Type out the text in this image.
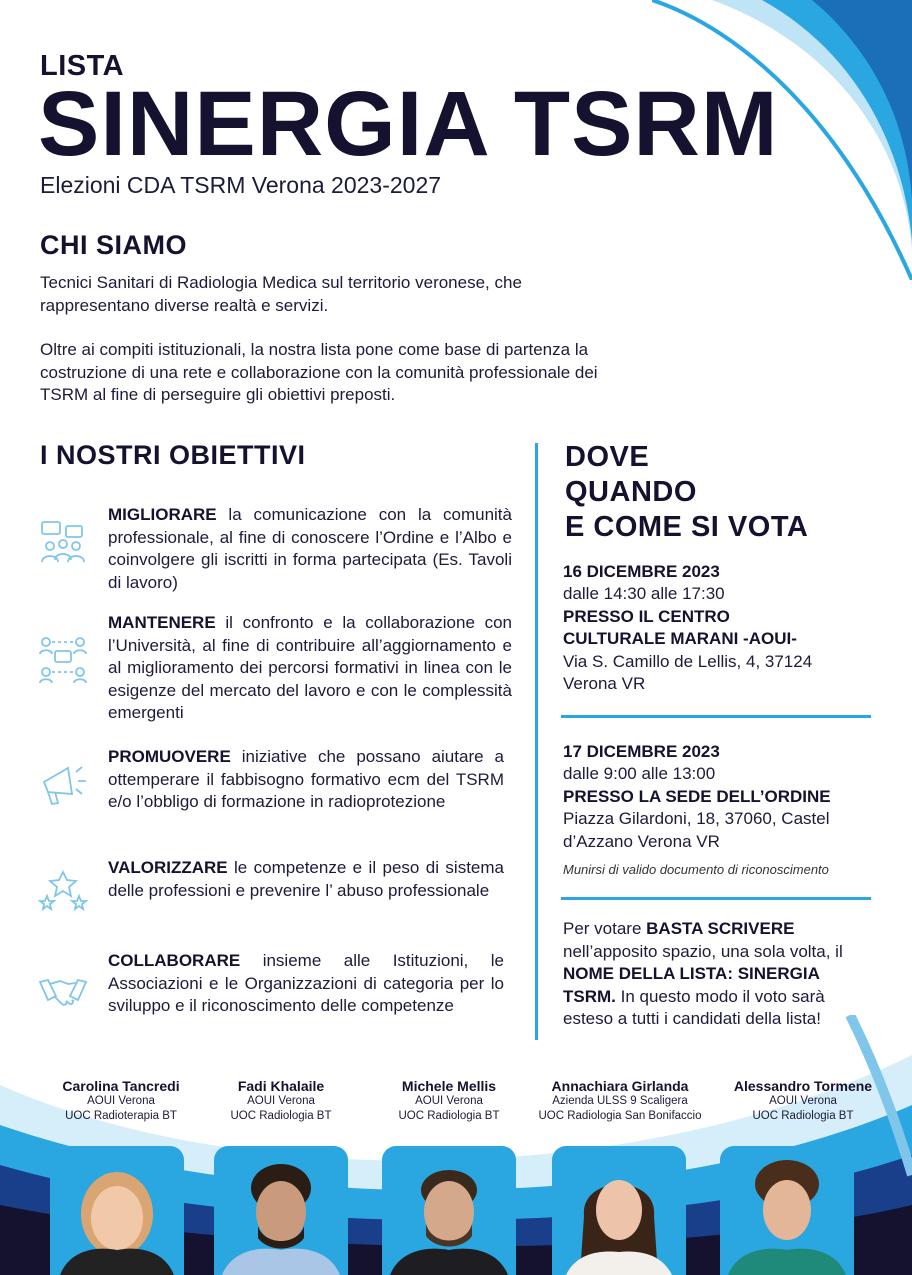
LISTA
SINERGIA TSRM
Elezioni CDA TSRM Verona 2023-2027
CHI SIAMO
Tecnici Sanitari di Radiologia Medica sul territorio veronese, che
rappresentano diverse realtà e servizi.
Oltre ai compiti istituzionali, la nostra lista pone come base di partenza la
costruzione di una rete e collaborazione con la comunità professionale dei
TSRM al fine di perseguire gli obiettivi preposti.
I NOSTRI OBIETTIVI
MIGLIORARE la comunicazione con la comunità professionale, al fine di conoscere l’Ordine e l’Albo e coinvolgere gli iscritti in forma partecipata (Es. Tavoli di lavoro)
MANTENERE il confronto e la collaborazione con l’Università, al fine di contribuire all’aggiornamento e al miglioramento dei percorsi formativi in linea con le esigenze del mercato del lavoro e con le complessità emergenti
PROMUOVERE iniziative che possano aiutare a ottemperare il fabbisogno formativo ecm del TSRM e/o l’obbligo di formazione in radioprotezione
VALORIZZARE le competenze e il peso di sistema delle professioni e prevenire l’ abuso professionale
COLLABORARE insieme alle Istituzioni, le Associazioni e le Organizzazioni di categoria per lo sviluppo e il riconoscimento delle competenze
DOVE
QUANDO
E COME SI VOTA
16 DICEMBRE 2023
dalle 14:30 alle 17:30
PRESSO IL CENTRO
CULTURALE MARANI -AOUI-
Via S. Camillo de Lellis, 4, 37124
Verona VR
17 DICEMBRE 2023
dalle 9:00 alle 13:00
PRESSO LA SEDE DELL’ORDINE
Piazza Gilardoni, 18, 37060, Castel
d’Azzano Verona VR
Munirsi di valido documento di riconoscimento
Per votare BASTA SCRIVERE
nell’apposito spazio, una sola volta, il
NOME DELLA LISTA: SINERGIA
TSRM. In questo modo il voto sarà
esteso a tutti i candidati della lista!
Carolina Tancredi
AOUI Verona
UOC Radioterapia BT
Fadi Khalaile
AOUI Verona
UOC Radiologia BT
Michele Mellis
AOUI Verona
UOC Radiologia BT
Annachiara Girlanda
Azienda ULSS 9 Scaligera
UOC Radiologia San Bonifaccio
Alessandro Tormene
AOUI Verona
UOC Radiologia BT
